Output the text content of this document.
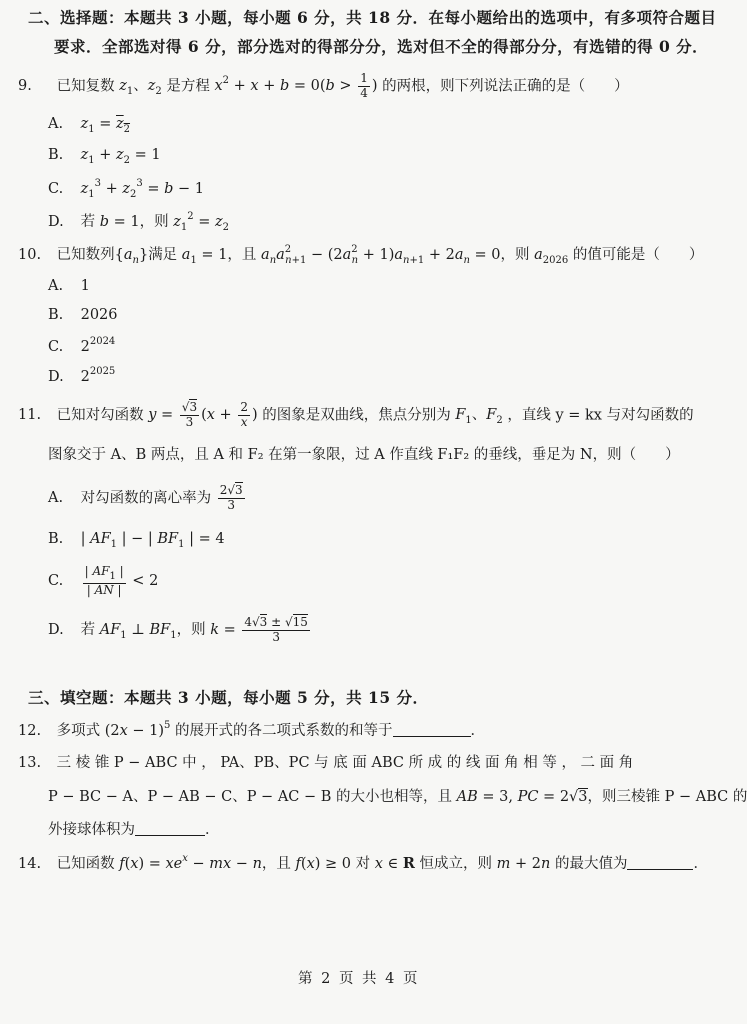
二、选择题：本题共 3 小题，每小题 6 分，共 18 分．在每小题给出的选项中，有多项符合题目
要求．全部选对得 6 分，部分选对的得部分分，选对但不全的得部分分，有选错的得 0 分．
9. 已知复数 $z_1$、$z_2$ 是方程 $x^2 + x + b = 0(b > \frac{1}{4}$ ) 的两根，则下列说法正确的是（　　）
A. $z_1 = z_2$
B. $z_1 + z_2 = 1$
C. $z_1^3 + z_2^3 = b - 1$
D. 若 b = 1，则 $z_1^2 = z_2$
10. 已知数列$\{a_n\}$满足 $a_1 = 1$，且 $a_na^2_{n+1} - (2a^2_n + 1)a_{n+1} + 2a_n = 0$，则 $a_{2026}$ 的值可能是（　　）
A. 1
B. 2026
C. $2^{2024}$
D. $2^{2025}$
11. 已知对勾函数 $y = \frac{√3}{3} (x + \frac{2}{x}$ ) 的图象是双曲线，焦点分别为 $F_1$、$F_2$ ，直线 y = kx 与对勾函数的
图象交于 A、B 两点，且 A 和 F₂ 在第一象限，过 A 作直线 F₁F₂ 的垂线，垂足为 N，则（　　）
A. 对勾函数的离心率为 $\frac{2√3}{3}$
B. | $AF_1$ | − | $BF_1$ | = 4
C. $\frac{| AF_1 |}{| AN |} < 2$
D. 若 $AF_1$ ⊥ $BF_1$，则 $k = \frac{4√3 \pm √15}{3}$
三、填空题：本题共 3 小题，每小题 5 分，共 15 分．
12. 多项式 $(2x - 1)^5$ 的展开式的各二项式系数的和等于	．
13. 三 棱 锥 P − ABC 中 ， PA、PB、PC 与 底 面 ABC 所 成 的 线 面 角 相 等 ， 二 面 角
P − BC − A、P − AB − C、P − AC − B 的大小也相等，且 AB = 3, PC = 2√3，则三棱锥 P − ABC 的
外接球体积为	．
14. 已知函数 $f(x) = xe^x$ − mx − n，且 f(x) ≥ 0 对 x ∈ R 恒成立，则 m + 2n 的最大值为	．
第 2 页 共 4 页
